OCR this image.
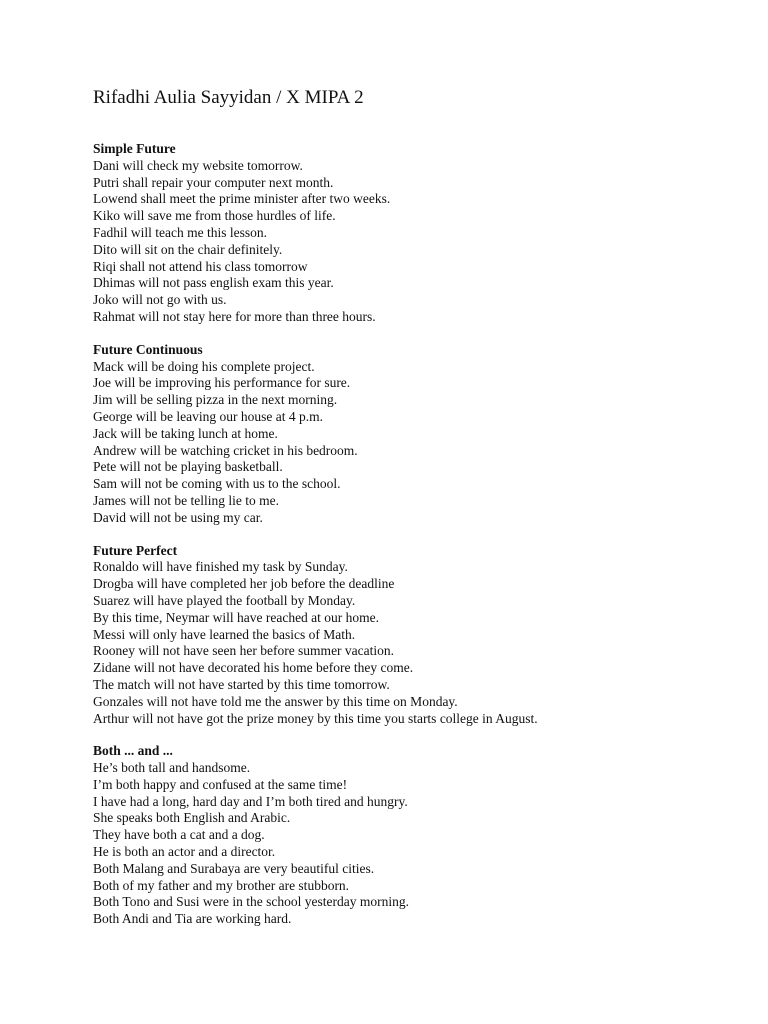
Rifadhi Aulia Sayyidan / X MIPA 2
Simple Future
Dani will check my website tomorrow.
Putri shall repair your computer next month.
Lowend shall meet the prime minister after two weeks.
Kiko will save me from those hurdles of life.
Fadhil will teach me this lesson.
Dito will sit on the chair definitely.
Riqi shall not attend his class tomorrow
Dhimas will not pass english exam this year.
Joko will not go with us.
Rahmat will not stay here for more than three hours.
Future Continuous
Mack will be doing his complete project.
Joe will be improving his performance for sure.
Jim will be selling pizza in the next morning.
George will be leaving our house at 4 p.m.
Jack will be taking lunch at home.
Andrew will be watching cricket in his bedroom.
Pete will not be playing basketball.
Sam will not be coming with us to the school.
James will not be telling lie to me.
David will not be using my car.
Future Perfect
Ronaldo will have finished my task by Sunday.
Drogba will have completed her job before the deadline
Suarez will have played the football by Monday.
By this time, Neymar will have reached at our home.
Messi will only have learned the basics of Math.
Rooney will not have seen her before summer vacation.
Zidane will not have decorated his home before they come.
The match will not have started by this time tomorrow.
Gonzales will not have told me the answer by this time on Monday.
Arthur will not have got the prize money by this time you starts college in August.
Both ... and ...
He’s both tall and handsome.
I’m both happy and confused at the same time!
I have had a long, hard day and I’m both tired and hungry.
She speaks both English and Arabic.
They have both a cat and a dog.
He is both an actor and a director.
Both Malang and Surabaya are very beautiful cities.
Both of my father and my brother are stubborn.
Both Tono and Susi were in the school yesterday morning.
Both Andi and Tia are working hard.
